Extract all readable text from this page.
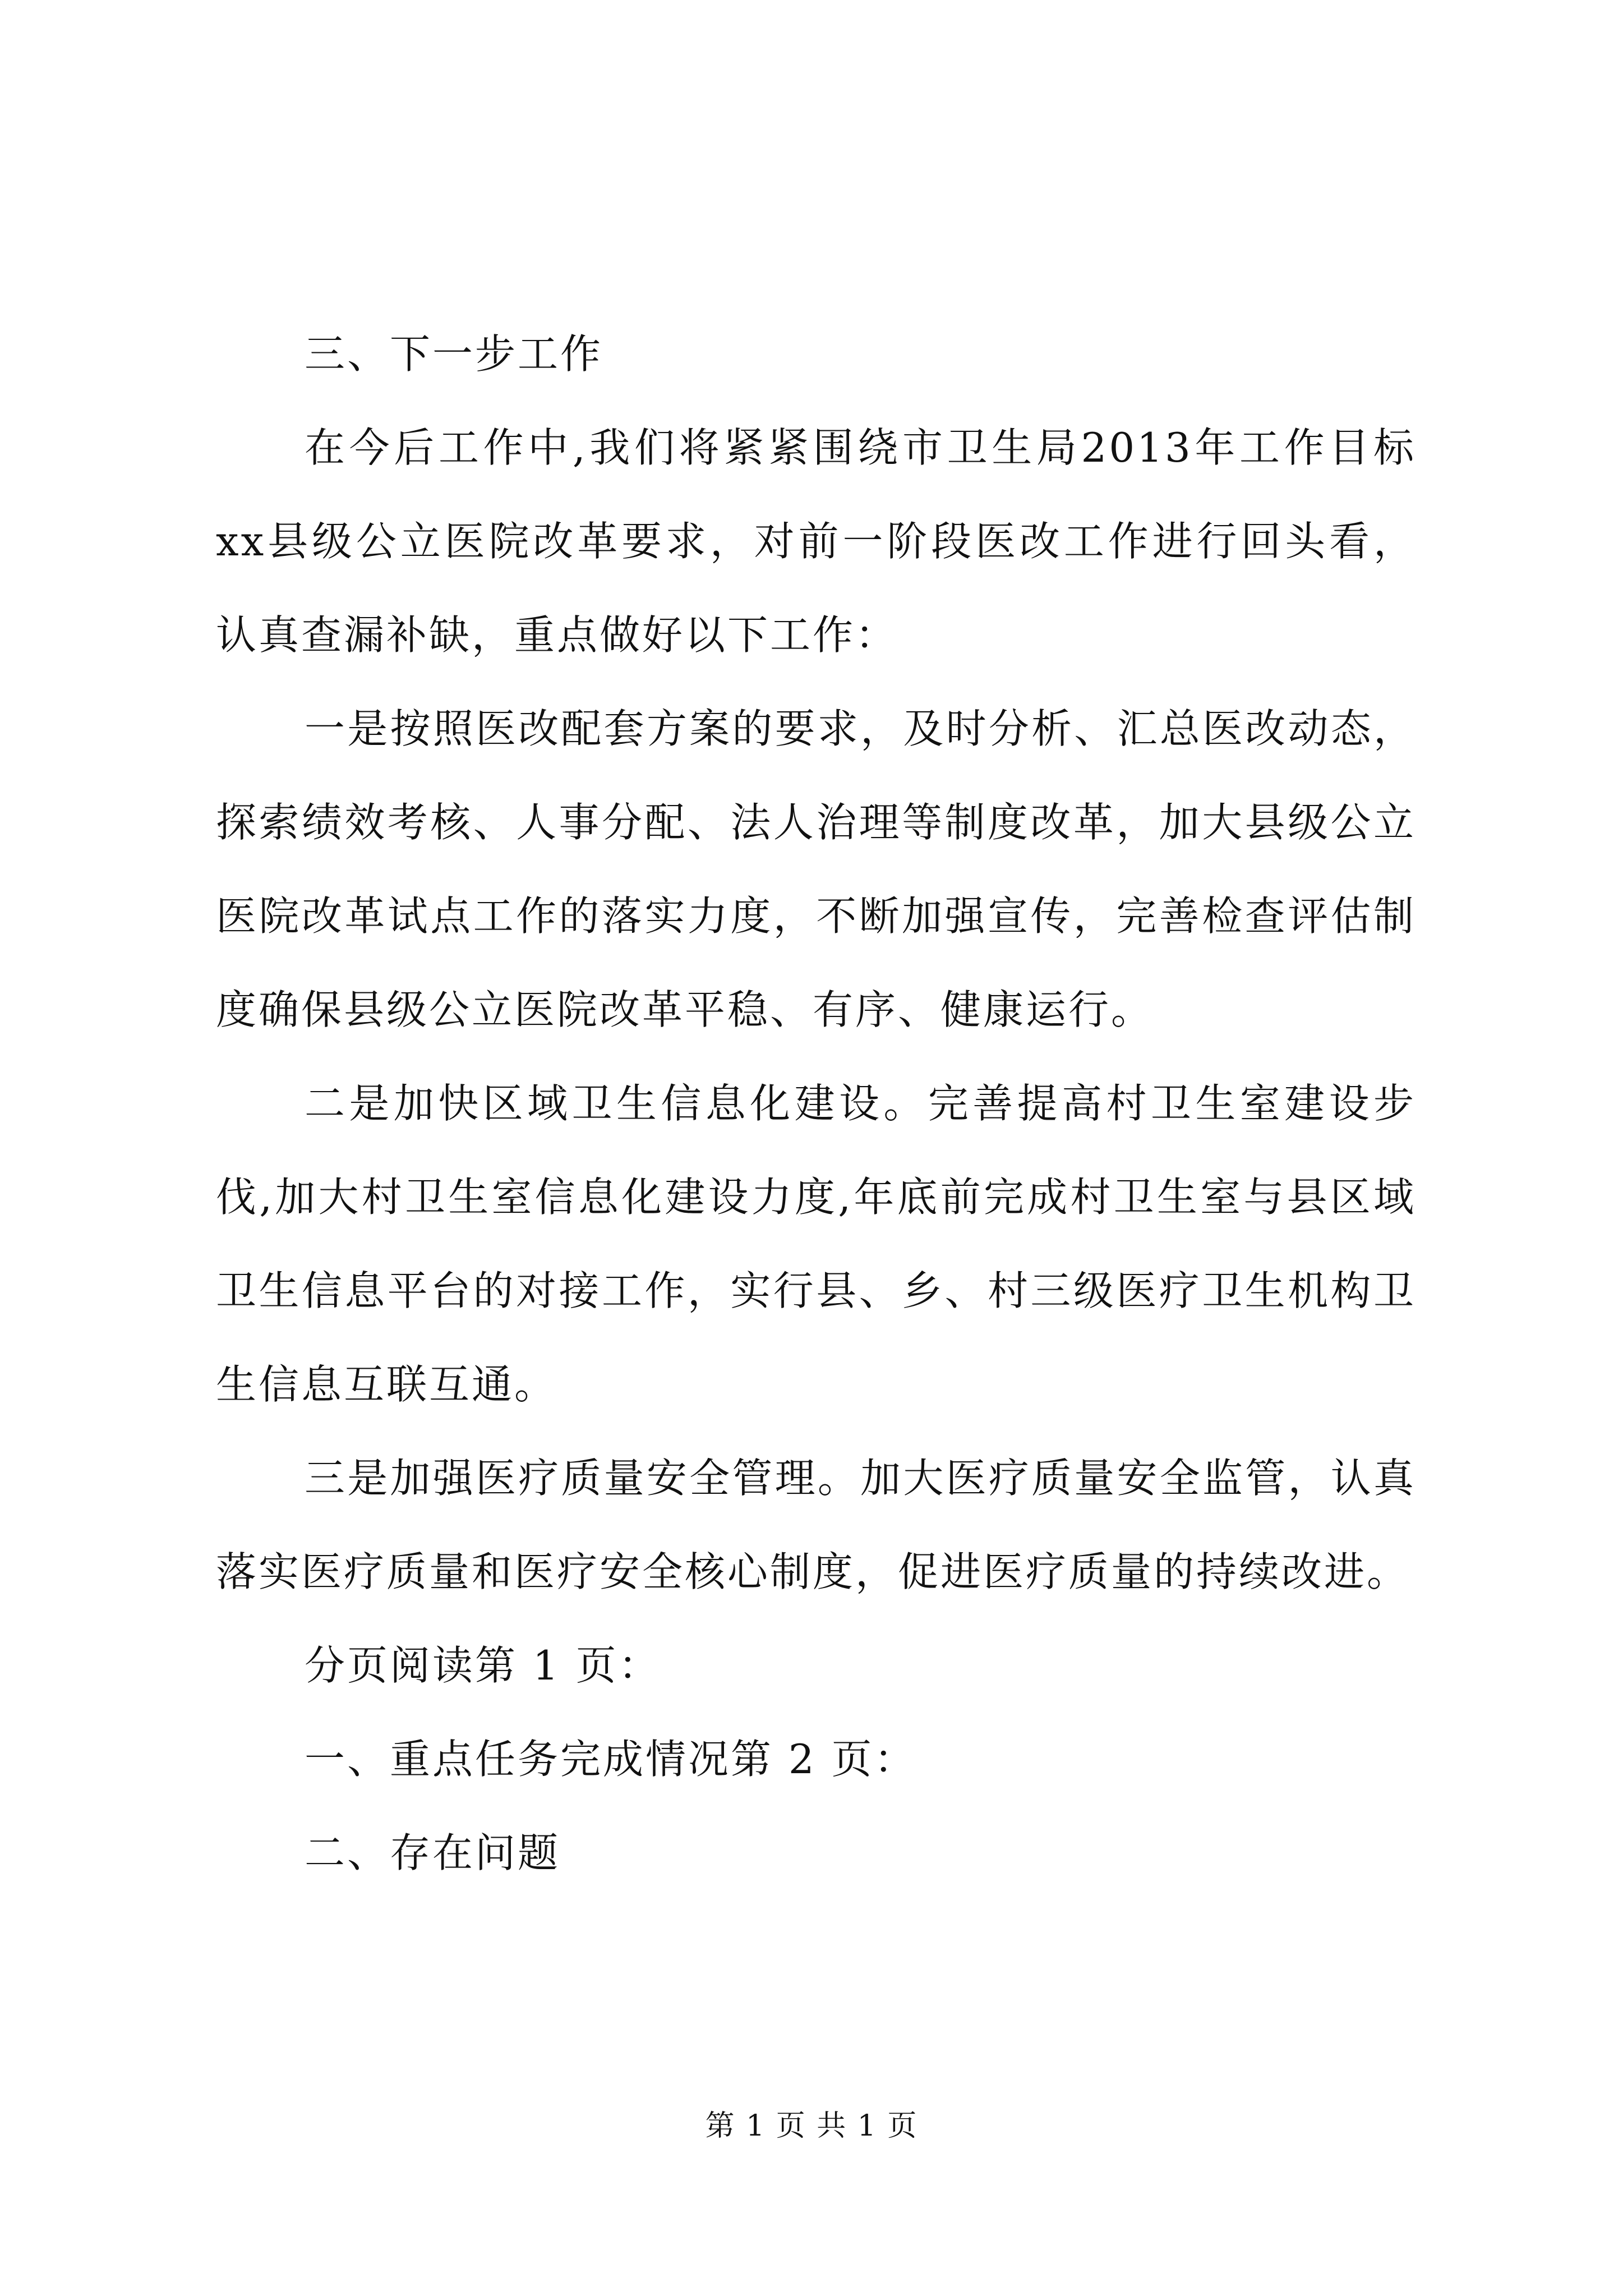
三、下一步工作

在今后工作中,我们将紧紧围绕市卫生局2013年工作目标xx县级公立医院改革要求，对前一阶段医改工作进行回头看，认真查漏补缺，重点做好以下工作：

一是按照医改配套方案的要求，及时分析、汇总医改动态，探索绩效考核、人事分配、法人治理等制度改革，加大县级公立医院改革试点工作的落实力度，不断加强宣传，完善检查评估制度确保县级公立医院改革平稳、有序、健康运行。

二是加快区域卫生信息化建设。完善提高村卫生室建设步伐,加大村卫生室信息化建设力度,年底前完成村卫生室与县区域卫生信息平台的对接工作，实行县、乡、村三级医疗卫生机构卫生信息互联互通。

三是加强医疗质量安全管理。加大医疗质量安全监管，认真落实医疗质量和医疗安全核心制度，促进医疗质量的持续改进。

分页阅读第 1 页：

一、重点任务完成情况第 2 页：

二、存在问题

第 1 页 共 1 页
